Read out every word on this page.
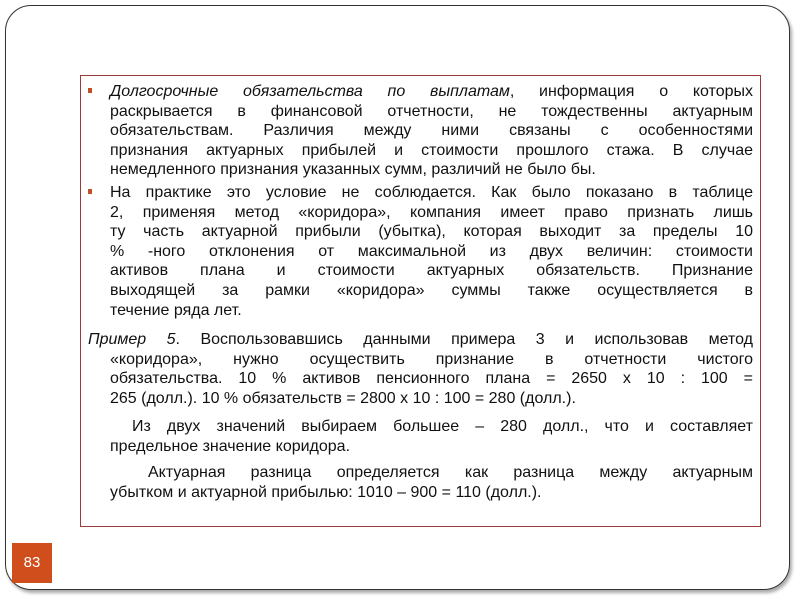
Долгосрочные обязательства по выплатам, информация о которых
раскрывается в финансовой отчетности, не тождественны актуарным
обязательствам. Различия между ними связаны с особенностями
признания актуарных прибылей и стоимости прошлого стажа. В случае
немедленного признания указанных сумм, различий не было бы.
На практике это условие не соблюдается. Как было показано в таблице
2, применяя метод «коридора», компания имеет право признать лишь
ту часть актуарной прибыли (убытка), которая выходит за пределы 10
% -ного отклонения от максимальной из двух величин: стоимости
активов плана и стоимости актуарных обязательств. Признание
выходящей за рамки «коридора» суммы также осуществляется в
течение ряда лет.
Пример 5. Воспользовавшись данными примера 3 и использовав метод
«коридора», нужно осуществить признание в отчетности чистого
обязательства. 10 % активов пенсионного плана = 2650 х 10 : 100 =
265 (долл.). 10 % обязательств = 2800 х 10 : 100 = 280 (долл.).
Из двух значений выбираем большее – 280 долл., что и составляет
предельное значение коридора.
Актуарная разница определяется как разница между актуарным
убытком и актуарной прибылью: 1010 – 900 = 110 (долл.).
83
